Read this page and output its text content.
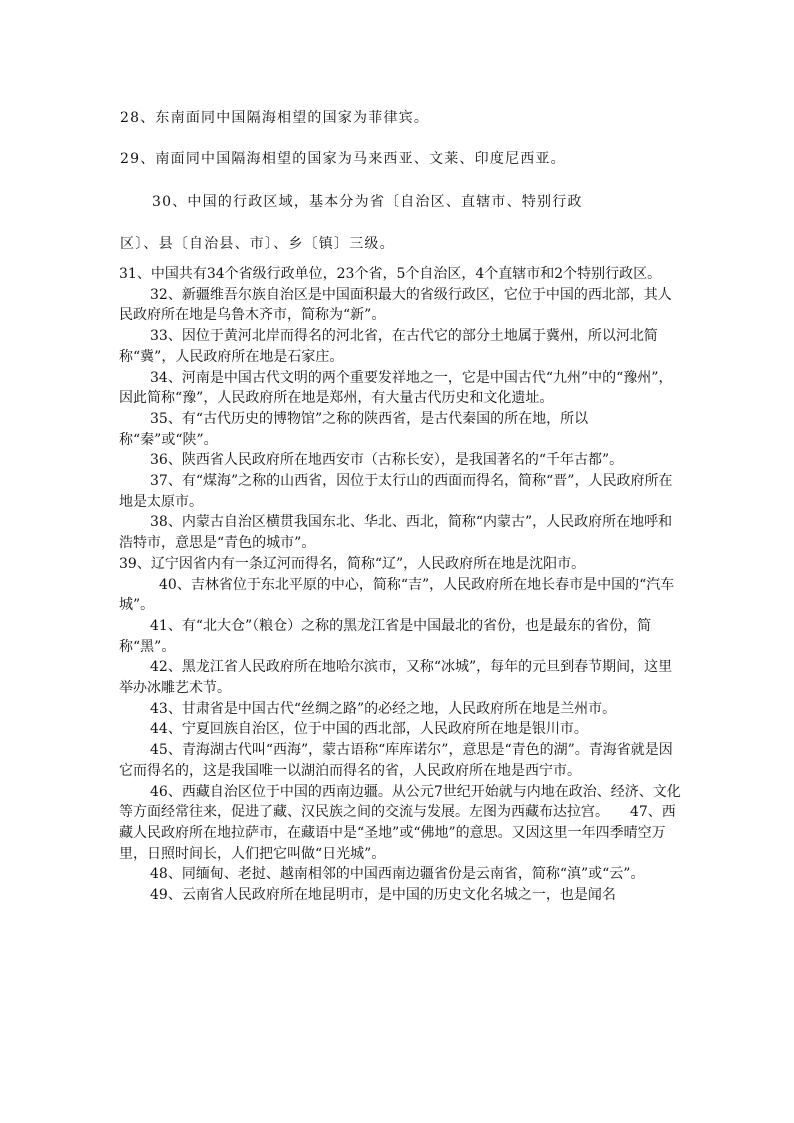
28、东南面同中国隔海相望的国家为菲律宾。
29、南面同中国隔海相望的国家为马来西亚、文莱、印度尼西亚。
30、中国的行政区域，基本分为省〔自治区、直辖市、特别行政
区〕、县〔自治县、市〕、乡〔镇〕三级。

31、中国共有34个省级行政单位，23个省，5个自治区，4个直辖市和2个特别行政区。

32、新疆维吾尔族自治区是中国面积最大的省级行政区，它位于中国的西北部，其人民政府所在地是乌鲁木齐市，简称为“新”。

33、因位于黄河北岸而得名的河北省，在古代它的部分土地属于冀州，所以河北简称“冀”，人民政府所在地是石家庄。

34、河南是中国古代文明的两个重要发祥地之一，它是中国古代“九州”中的“豫州”，因此简称“豫”，人民政府所在地是郑州，有大量古代历史和文化遗址。

35、有“古代历史的博物馆”之称的陕西省，是古代秦国的所在地，所以称“秦”或“陕”。

36、陕西省人民政府所在地西安市（古称长安），是我国著名的“千年古都”。

37、有“煤海”之称的山西省，因位于太行山的西面而得名，简称“晋”，人民政府所在地是太原市。

38、内蒙古自治区横贯我国东北、华北、西北，简称“内蒙古”，人民政府所在地呼和浩特市，意思是“青色的城市”。

39、辽宁因省内有一条辽河而得名，简称“辽”，人民政府所在地是沈阳市。

40、吉林省位于东北平原的中心，简称“吉”，人民政府所在地长春市是中国的“汽车城”。

41、有“北大仓”（粮仓）之称的黑龙江省是中国最北的省份，也是最东的省份，简称“黑”。

42、黑龙江省人民政府所在地哈尔滨市，又称“冰城”，每年的元旦到春节期间，这里举办冰雕艺术节。

43、甘肃省是中国古代“丝绸之路”的必经之地，人民政府所在地是兰州市。

44、宁夏回族自治区，位于中国的西北部，人民政府所在地是银川市。

45、青海湖古代叫“西海”，蒙古语称“库库诺尔”，意思是“青色的湖”。青海省就是因它而得名的，这是我国唯一以湖泊而得名的省，人民政府所在地是西宁市。

46、西藏自治区位于中国的西南边疆。从公元7世纪开始就与内地在政治、经济、文化等方面经常往来，促进了藏、汉民族之间的交流与发展。左图为西藏布达拉宫。　　47、西藏人民政府所在地拉萨市，在藏语中是“圣地”或“佛地”的意思。又因这里一年四季晴空万里，日照时间长，人们把它叫做“日光城”。

48、同缅甸、老挝、越南相邻的中国西南边疆省份是云南省，简称“滇”或“云”。

49、云南省人民政府所在地昆明市，是中国的历史文化名城之一，也是闻名
